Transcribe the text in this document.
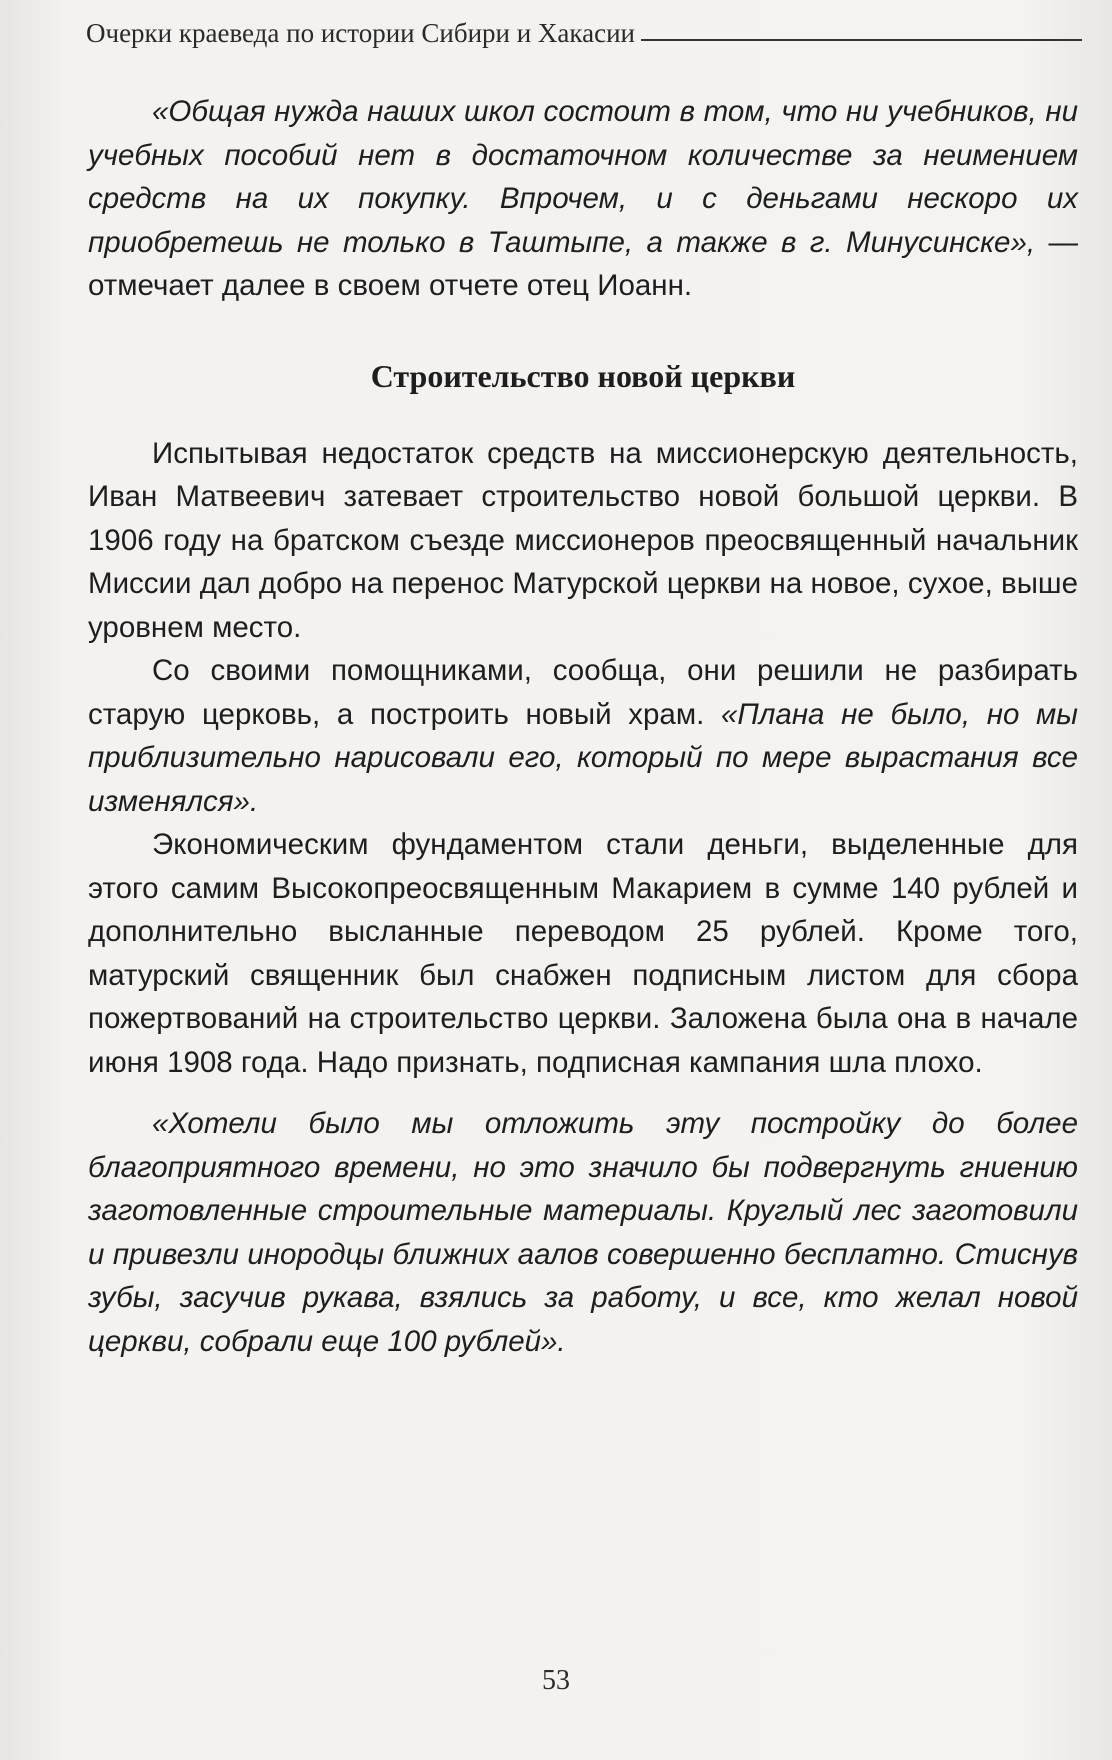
Очерки краеведа по истории Сибири и Хакасии

«Общая нужда наших школ состоит в том, что ни учебников, ни учебных пособий нет в достаточном количестве за неимением средств на их покупку. Впрочем, и с деньгами нескоро их приобретешь не только в Таштыпе, а также в г. Минусинске», — отмечает далее в своем отчете отец Иоанн.

Строительство новой церкви

Испытывая недостаток средств на миссионерскую деятельность, Иван Матвеевич затевает строительство новой большой церкви. В 1906 году на братском съезде миссионеров преосвященный начальник Миссии дал добро на перенос Матурской церкви на новое, сухое, выше уровнем место.

Со своими помощниками, сообща, они решили не разбирать старую церковь, а построить новый храм. «Плана не было, но мы приблизительно нарисовали его, который по мере вырастания все изменялся».

Экономическим фундаментом стали деньги, выделенные для этого самим Высокопреосвященным Макарием в сумме 140 рублей и дополнительно высланные переводом 25 рублей. Кроме того, матурский священник был снабжен подписным листом для сбора пожертвований на строительство церкви. Заложена была она в начале июня 1908 года. Надо признать, подписная кампания шла плохо.

«Хотели было мы отложить эту постройку до более благоприятного времени, но это значило бы подвергнуть гниению заготовленные строительные материалы. Круглый лес заготовили и привезли инородцы ближних аалов совершенно бесплатно. Стиснув зубы, засучив рукава, взялись за работу, и все, кто желал новой церкви, собрали еще 100 рублей».

53
